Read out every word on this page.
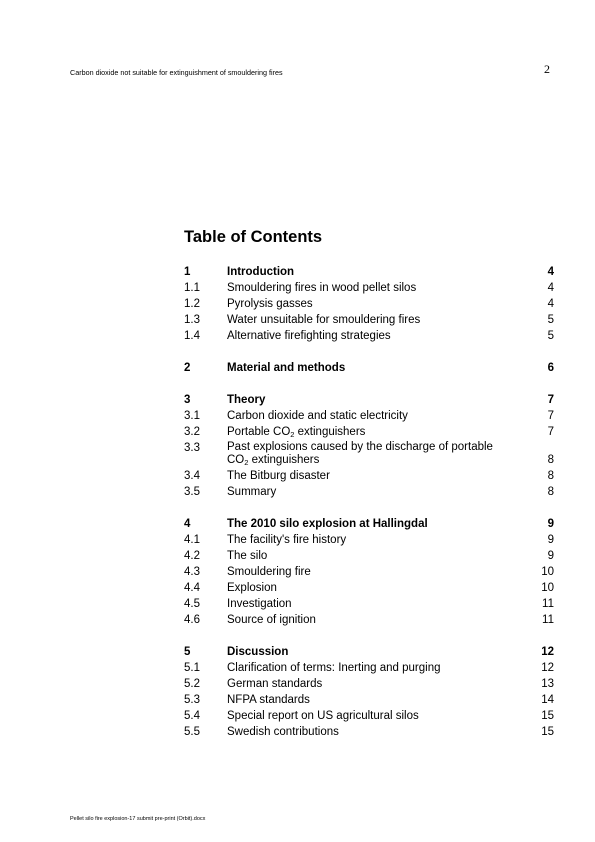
Carbon dioxide not suitable for extinguishment of smouldering fires	2
Table of Contents
1	Introduction	4
1.1 Smouldering fires in wood pellet silos	4
1.2 Pyrolysis gasses	4
1.3 Water unsuitable for smouldering fires	5
1.4 Alternative firefighting strategies	5
2	Material and methods	6
3	Theory	7
3.1 Carbon dioxide and static electricity	7
3.2 Portable $CO_2$ extinguishers	7
3.3 Past explosions caused by the discharge of portable
$CO_2$ extinguishers	8
3.4 The Bitburg disaster	8
3.5 Summary	8
4	The 2010 silo explosion at Hallingdal	9
4.1 The facility's fire history	9
4.2 The silo	9
4.3 Smouldering fire	10
4.4 Explosion	10
4.5 Investigation	11
4.6 Source of ignition	11
5	Discussion	12
5.1 Clarification of terms: Inerting and purging	12
5.2 German standards	13
5.3 NFPA standards	14
5.4 Special report on US agricultural silos	15
5.5 Swedish contributions	15
Pellet silo fire explosion-17 submit pre-print (Orbit).docx
